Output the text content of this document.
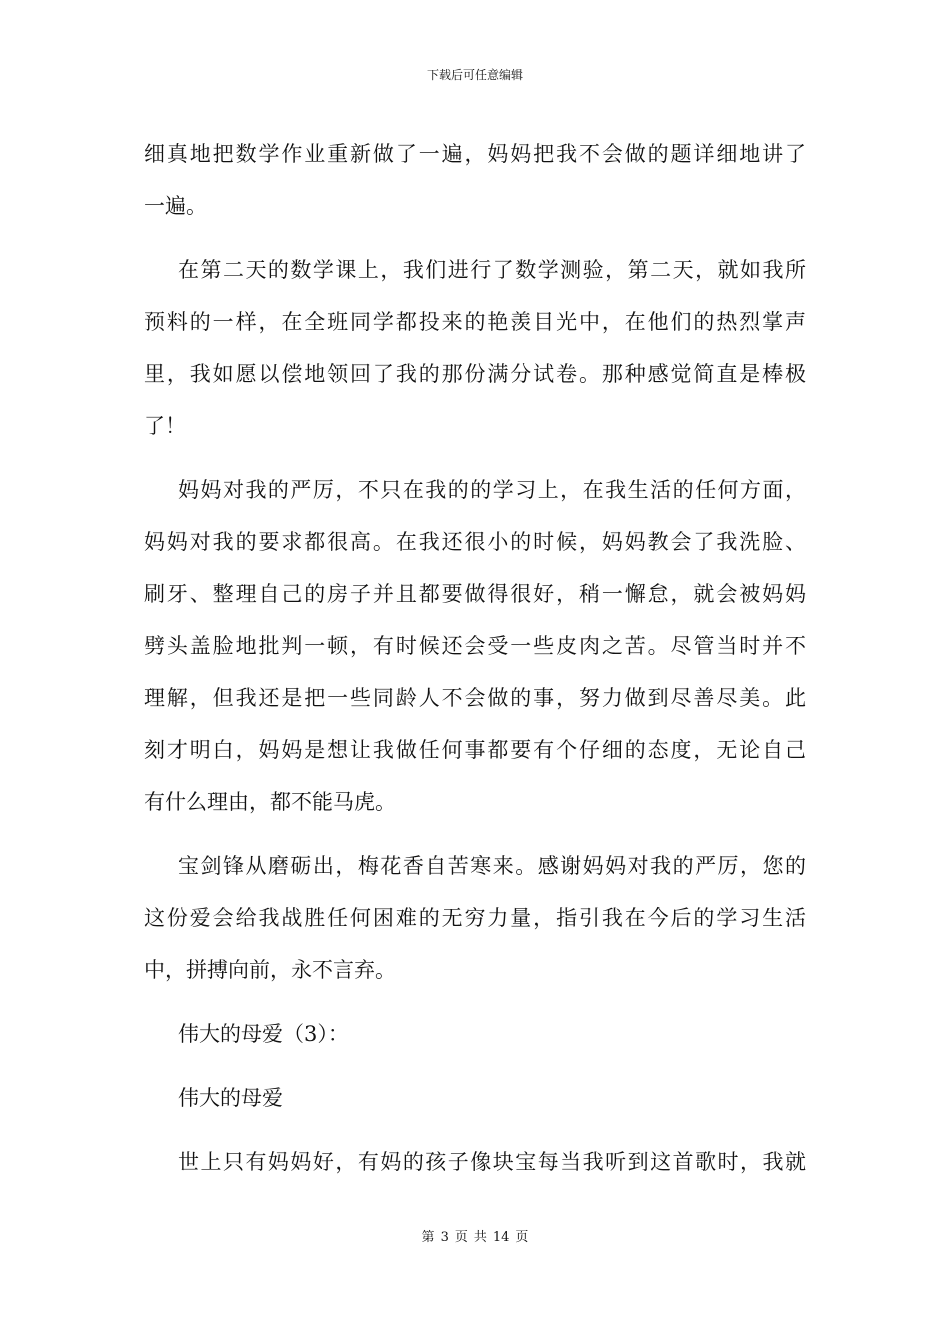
下载后可任意编辑
细真地把数学作业重新做了一遍，妈妈把我不会做的题详细地讲了
一遍。
在第二天的数学课上，我们进行了数学测验，第二天，就如我所
预料的一样，在全班同学都投来的艳羡目光中，在他们的热烈掌声
里，我如愿以偿地领回了我的那份满分试卷。那种感觉简直是棒极
了！
妈妈对我的严厉，不只在我的的学习上，在我生活的任何方面，
妈妈对我的要求都很高。在我还很小的时候，妈妈教会了我洗脸、
刷牙、整理自己的房子并且都要做得很好，稍一懈怠，就会被妈妈
劈头盖脸地批判一顿，有时候还会受一些皮肉之苦。尽管当时并不
理解，但我还是把一些同龄人不会做的事，努力做到尽善尽美。此
刻才明白，妈妈是想让我做任何事都要有个仔细的态度，无论自己
有什么理由，都不能马虎。
宝剑锋从磨砺出，梅花香自苦寒来。感谢妈妈对我的严厉，您的
这份爱会给我战胜任何困难的无穷力量，指引我在今后的学习生活
中，拼搏向前，永不言弃。
伟大的母爱（3）：
伟大的母爱
世上只有妈妈好，有妈的孩子像块宝每当我听到这首歌时，我就
第 3 页 共 14 页
